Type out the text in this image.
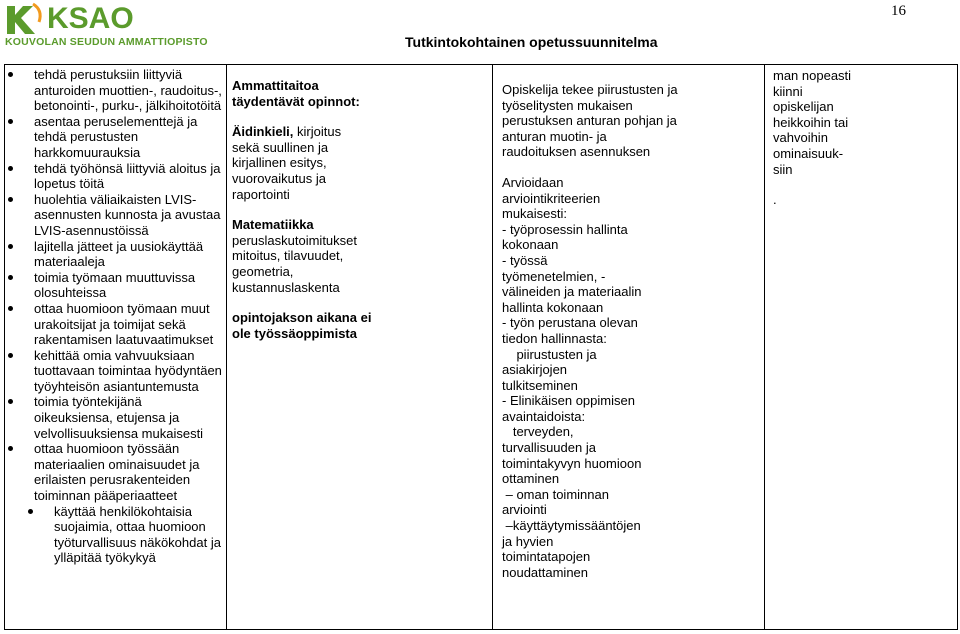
KSAO
KOUVOLAN SEUDUN AMMATTIOPISTO	Tutkintokohtainen opetussuunnitelma
16
tehdä perustuksiin liittyviä anturoiden muottien-, raudoitus-, betonointi-, purku-, jälkihoitotöitä
asentaa peruselementtejä ja tehdä perustusten harkkomuurauksia
tehdä työhönsä liittyviä aloitus ja lopetus töitä
huolehtia väliaikaisten LVIS-asennusten kunnosta ja avustaa LVIS-asennustöissä
lajitella jätteet ja uusiokäyttää materiaaleja
toimia työmaan muuttuvissa olosuhteissa
ottaa huomioon työmaan muut urakoitsijat ja toimijat sekä rakentamisen laatuvaatimukset
kehittää omia vahvuuksiaan tuottavaan toimintaa hyödyntäen työyhteisön asiantuntemusta
toimia työntekijänä oikeuksiensa, etujensa ja velvollisuuksiensa mukaisesti
ottaa huomioon työssään materiaalien ominaisuudet ja erilaisten perusrakenteiden toiminnan pääperiaatteet
käyttää henkilökohtaisia suojaimia, ottaa huomioon työturvallisuus näkökohdat ja ylläpitää työkykyä

Ammattitaitoa täydentävät opinnot:

Äidinkieli, kirjoitus sekä suullinen ja kirjallinen esitys, vuorovaikutus ja raportointi

Matematiikka

peruslaskutoimitukset mitoitus, tilavuudet, geometria, kustannuslaskenta

opintojakson aikana ei ole työssäoppimista

Opiskelija tekee piirustusten ja työselitysten mukaisen perustuksen anturan pohjan ja anturan muotin- ja raudoituksen asennuksen

Arvioidaan

arviointikriteerien

mukaisesti:

- työprosessin hallinta

kokonaan

- työssä

työmenetelmien, -

välineiden ja materiaalin

hallinta kokonaan

- työn perustana olevan

tiedon hallinnasta:

piirustusten ja

asiakirjojen

tulkitseminen

- Elinikäisen oppimisen

avaintaidoista:

terveyden,

turvallisuuden ja

toimintakyvyn huomioon

ottaminen

– oman toiminnan

arviointi

–käyttäytymissääntöjen

ja hyvien

toimintatapojen

noudattaminen

man nopeasti

kiinni

opiskelijan

heikkoihin tai

vahvoihin

ominaisuuk-

siin

.
